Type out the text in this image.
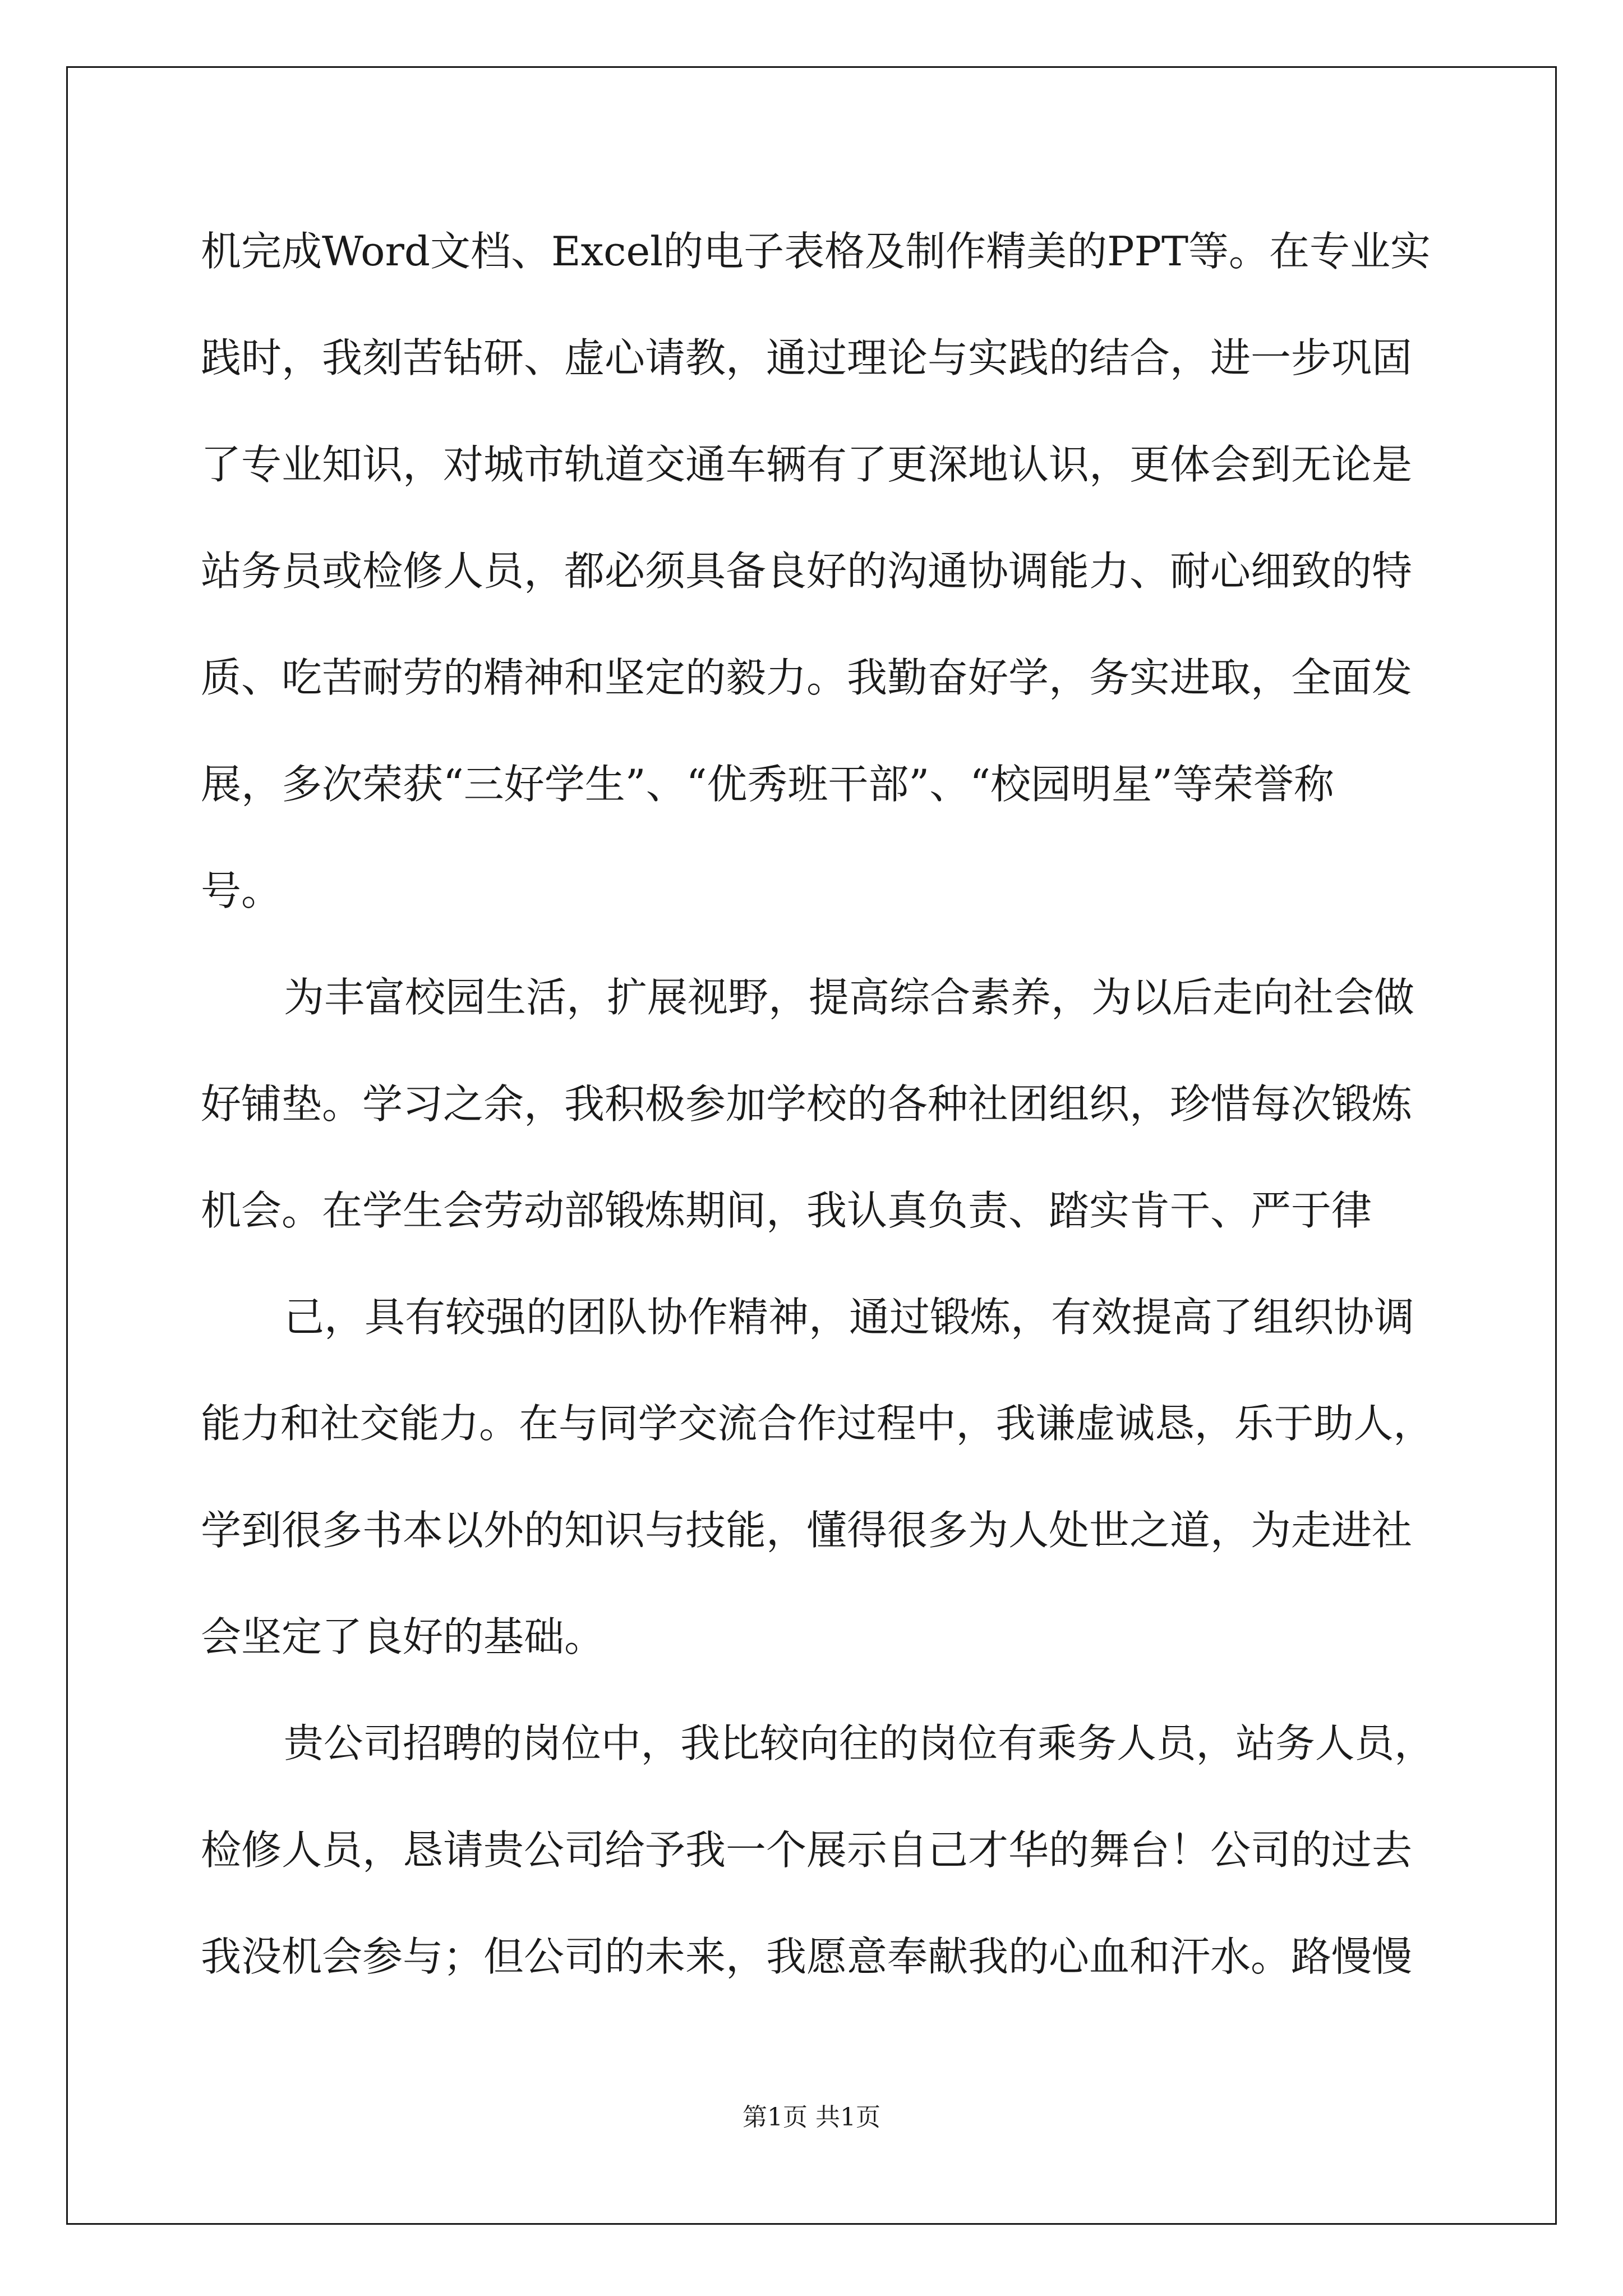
机完成Word文档、Excel的电子表格及制作精美的PPT等。在专业实

践时，我刻苦钻研、虚心请教，通过理论与实践的结合，进一步巩固

了专业知识，对城市轨道交通车辆有了更深地认识，更体会到无论是

站务员或检修人员，都必须具备良好的沟通协调能力、耐心细致的特

质、吃苦耐劳的精神和坚定的毅力。我勤奋好学，务实进取，全面发

展，多次荣获“三好学生”、“优秀班干部”、“校园明星”等荣誉称

号。

为丰富校园生活，扩展视野，提高综合素养，为以后走向社会做

好铺垫。学习之余，我积极参加学校的各种社团组织，珍惜每次锻炼

机会。在学生会劳动部锻炼期间，我认真负责、踏实肯干、严于律

己，具有较强的团队协作精神，通过锻炼，有效提高了组织协调

能力和社交能力。在与同学交流合作过程中，我谦虚诚恳，乐于助人，

学到很多书本以外的知识与技能，懂得很多为人处世之道，为走进社

会坚定了良好的基础。

贵公司招聘的岗位中，我比较向往的岗位有乘务人员，站务人员，

检修人员，恳请贵公司给予我一个展示自己才华的舞台！公司的过去

我没机会参与；但公司的未来，我愿意奉献我的心血和汗水。路慢慢

第1页 共1页
